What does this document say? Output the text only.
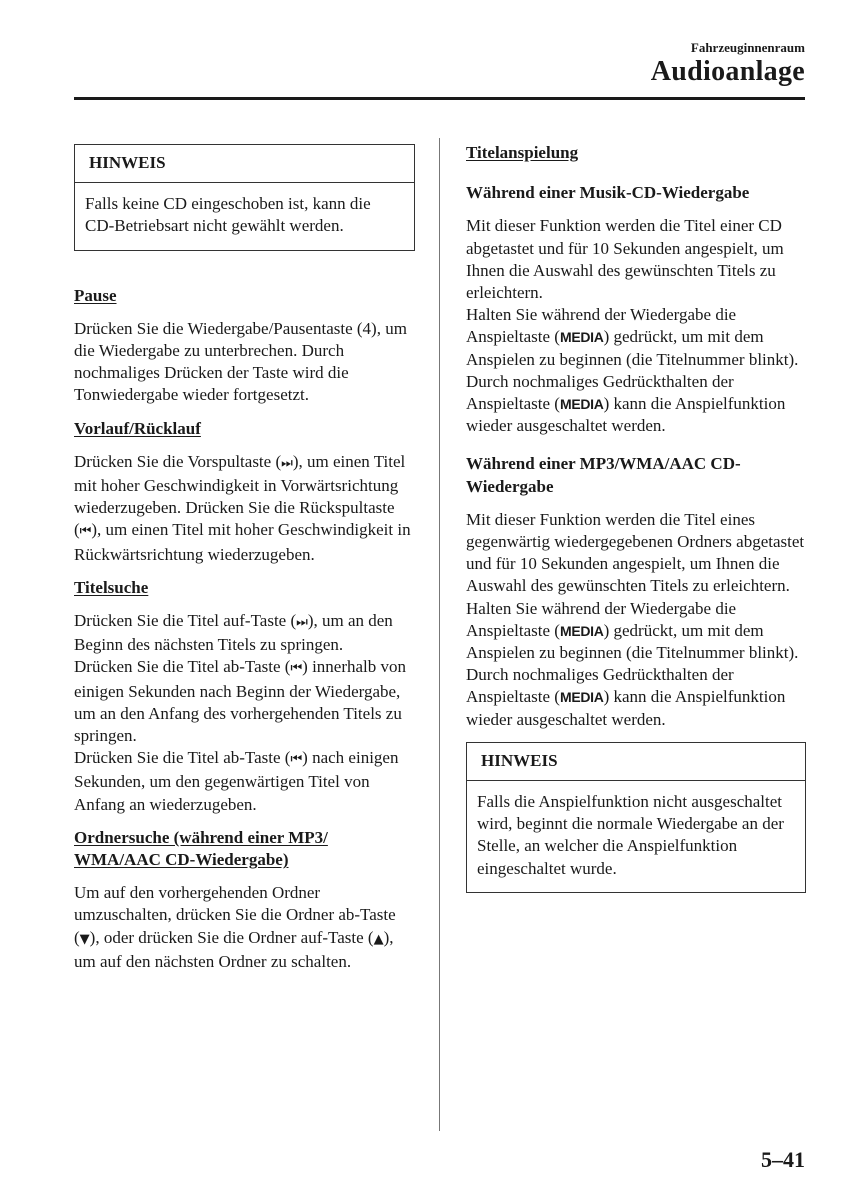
Fahrzeuginnenraum
Audioanlage
HINWEIS
Falls keine CD eingeschoben ist, kann die CD-Betriebsart nicht gewählt werden.

Pause

Drücken Sie die Wiedergabe/Pausentaste (4), um die Wiedergabe zu unterbrechen. Durch nochmaliges Drücken der Taste wird die Tonwiedergabe wieder fortgesetzt.

Vorlauf/Rücklauf

Drücken Sie die Vorspultaste (⏭), um einen Titel mit hoher Geschwindigkeit in Vorwärtsrichtung wiederzugeben. Drücken Sie die Rückspultaste (⏮), um einen Titel mit hoher Geschwindigkeit in Rückwärtsrichtung wiederzugeben.

Titelsuche

Drücken Sie die Titel auf-Taste (⏭), um an den Beginn des nächsten Titels zu springen.

Drücken Sie die Titel ab-Taste (⏮) innerhalb von einigen Sekunden nach Beginn der Wiedergabe, um an den Anfang des vorhergehenden Titels zu springen.

Drücken Sie die Titel ab-Taste (⏮) nach einigen Sekunden, um den gegenwärtigen Titel von Anfang an wiederzugeben.

Ordnersuche (während einer MP3/ WMA/AAC CD-Wiedergabe)

Um auf den vorhergehenden Ordner umzuschalten, drücken Sie die Ordner ab-Taste (▼), oder drücken Sie die Ordner auf-Taste (▲), um auf den nächsten Ordner zu schalten.

Titelanspielung

Während einer Musik-CD-Wiedergabe

Mit dieser Funktion werden die Titel einer CD abgetastet und für 10 Sekunden angespielt, um Ihnen die Auswahl des gewünschten Titels zu erleichtern.

Halten Sie während der Wiedergabe die Anspieltaste (MEDIA) gedrückt, um mit dem Anspielen zu beginnen (die Titelnummer blinkt). Durch nochmaliges Gedrückthalten der Anspieltaste (MEDIA) kann die Anspielfunktion wieder ausgeschaltet werden.

Während einer MP3/WMA/AAC CD-Wiedergabe

Mit dieser Funktion werden die Titel eines gegenwärtig wiedergegebenen Ordners abgetastet und für 10 Sekunden angespielt, um Ihnen die Auswahl des gewünschten Titels zu erleichtern. Halten Sie während der Wiedergabe die Anspieltaste (MEDIA) gedrückt, um mit dem Anspielen zu beginnen (die Titelnummer blinkt).

Durch nochmaliges Gedrückthalten der Anspieltaste (MEDIA) kann die Anspielfunktion wieder ausgeschaltet werden.

HINWEIS
Falls die Anspielfunktion nicht ausgeschaltet wird, beginnt die normale Wiedergabe an der Stelle, an welcher die Anspielfunktion eingeschaltet wurde.
5–41
